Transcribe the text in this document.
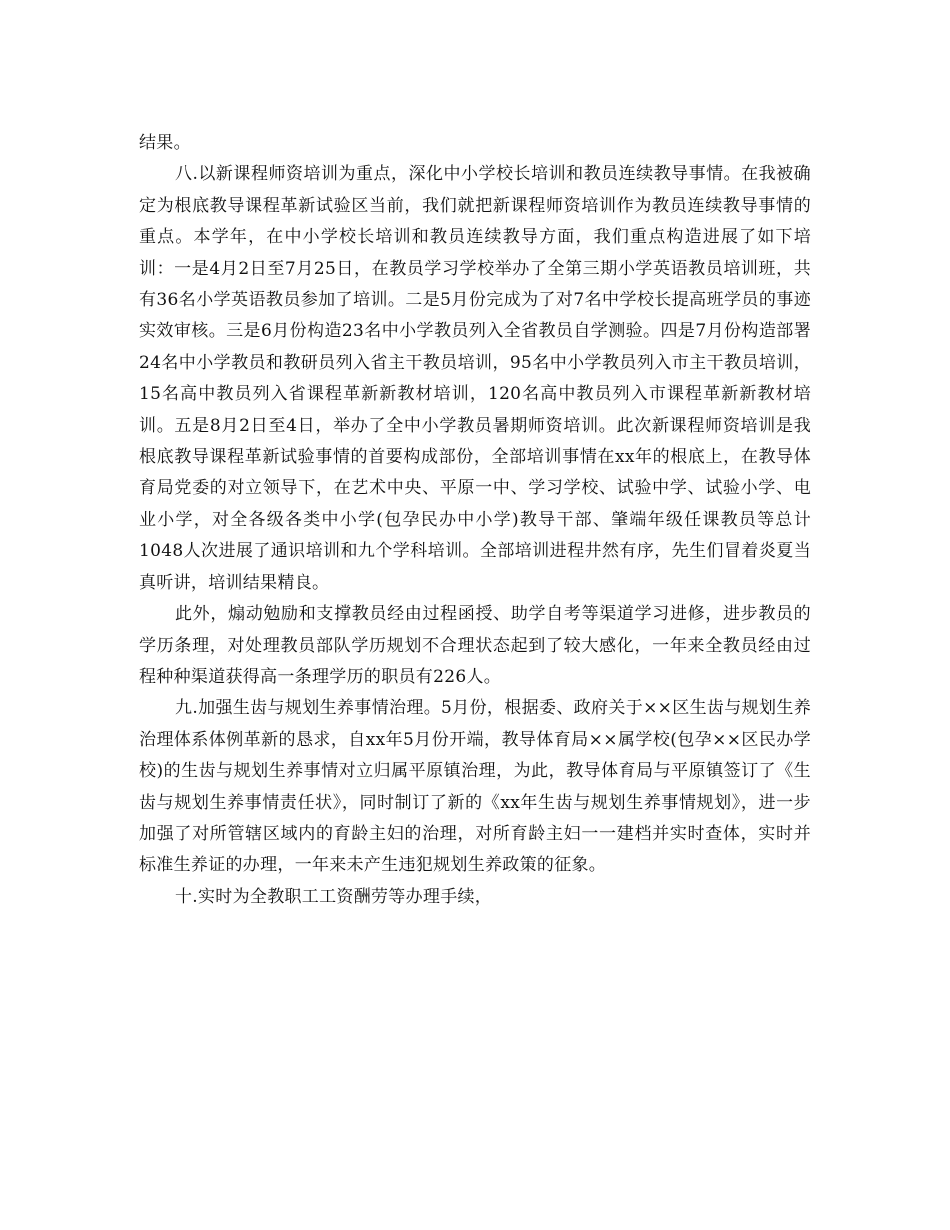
结果。

八.以新课程师资培训为重点，深化中小学校长培训和教员连续教导事情。在我被确定为根底教导课程革新试验区当前，我们就把新课程师资培训作为教员连续教导事情的重点。本学年，在中小学校长培训和教员连续教导方面，我们重点构造进展了如下培训：一是4月2日至7月25日，在教员学习学校举办了全第三期小学英语教员培训班，共有36名小学英语教员参加了培训。二是5月份完成为了对7名中学校长提高班学员的事迹实效审核。三是6月份构造23名中小学教员列入全省教员自学测验。四是7月份构造部署24名中小学教员和教研员列入省主干教员培训，95名中小学教员列入市主干教员培训，15名高中教员列入省课程革新新教材培训，120名高中教员列入市课程革新新教材培训。五是8月2日至4日，举办了全中小学教员暑期师资培训。此次新课程师资培训是我根底教导课程革新试验事情的首要构成部份，全部培训事情在xx年的根底上，在教导体育局党委的对立领导下，在艺术中央、平原一中、学习学校、试验中学、试验小学、电业小学，对全各级各类中小学(包孕民办中小学)教导干部、肇端年级任课教员等总计1048人次进展了通识培训和九个学科培训。全部培训进程井然有序，先生们冒着炎夏当真听讲，培训结果精良。

此外，煽动勉励和支撑教员经由过程函授、助学自考等渠道学习进修，进步教员的学历条理，对处理教员部队学历规划不合理状态起到了较大感化，一年来全教员经由过程种种渠道获得高一条理学历的职员有226人。

九.加强生齿与规划生养事情治理。5月份，根据委、政府关于××区生齿与规划生养治理体系体例革新的恳求，自xx年5月份开端，教导体育局××属学校(包孕××区民办学校)的生齿与规划生养事情对立归属平原镇治理，为此，教导体育局与平原镇签订了《生齿与规划生养事情责任状》，同时制订了新的《xx年生齿与规划生养事情规划》，进一步加强了对所管辖区域内的育龄主妇的治理，对所育龄主妇一一建档并实时查体，实时并标准生养证的办理，一年来未产生违犯规划生养政策的征象。

十.实时为全教职工工资酬劳等办理手续，
